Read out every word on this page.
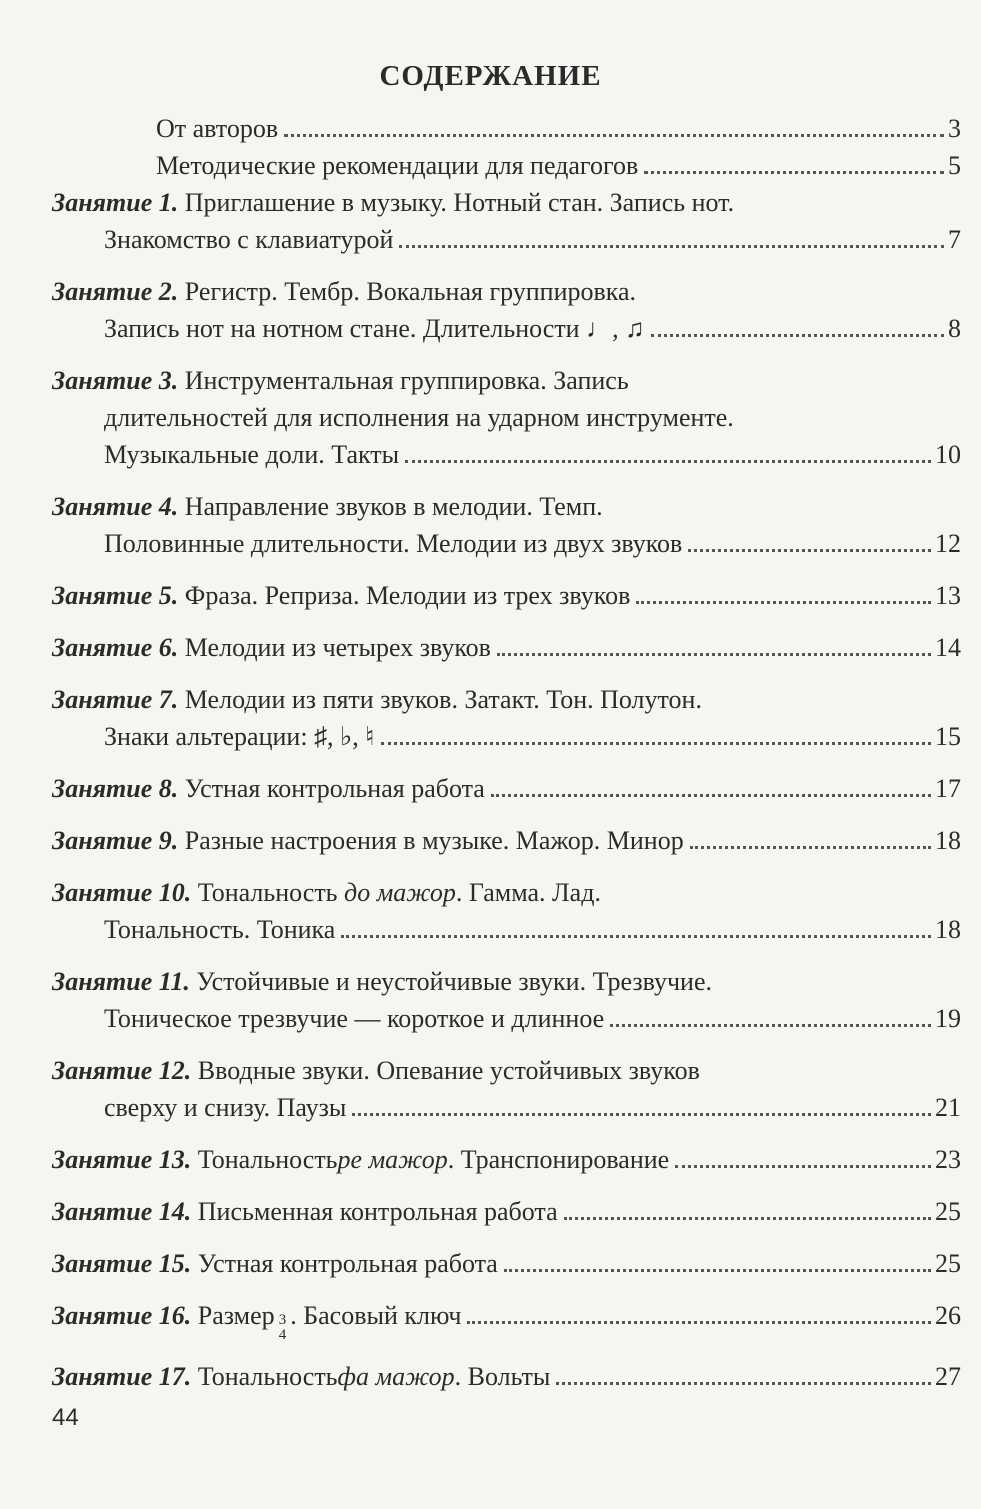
СОДЕРЖАНИЕ
От авторов	3
Методические рекомендации для педагогов	5
Занятие 1. Приглашение в музыку. Нотный стан. Запись нот.
Знакомство с клавиатурой	7
Занятие 2. Регистр. Тембр. Вокальная группировка.
Запись нот на нотном стане. Длительности ♩, ♫	8
Занятие 3. Инструментальная группировка. Запись
длительностей для исполнения на ударном инструменте.
Музыкальные доли. Такты	10
Занятие 4. Направление звуков в мелодии. Темп.
Половинные длительности. Мелодии из двух звуков	12
Занятие 5.
Фраза. Реприза. Мелодии из трех звуков	13
Занятие 6.
Мелодии из четырех звуков	14
Занятие 7. Мелодии из пяти звуков. Затакт. Тон. Полутон.
Знаки альтерации: ♯, ♭, ♮	15
Занятие 8.
Устная контрольная работа	17
Занятие 9.
Разные настроения в музыке. Мажор. Минор	18
Занятие 10. Тональность до мажор. Гамма. Лад.
Тональность. Тоника	18
Занятие 11. Устойчивые и неустойчивые звуки. Трезвучие.
Тоническое трезвучие — короткое и длинное	19
Занятие 12. Вводные звуки. Опевание устойчивых звуков
сверху и снизу. Паузы	21
Занятие 13.
Тональность ре мажор . Транспонирование	23
Занятие 14.
Письменная контрольная работа	25
Занятие 15.
Устная контрольная работа	25
Занятие 16.
Размер 3
4
. Басовый ключ	26
Занятие 17.
Тональность фа мажор . Вольты	27
44
